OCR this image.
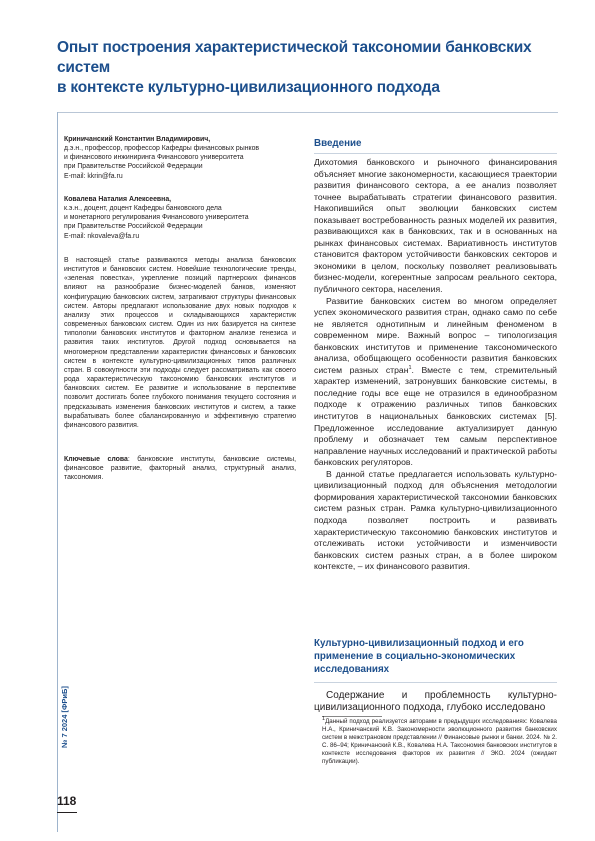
Опыт построения характеристической таксономии банковских систем
в контексте культурно-цивилизационного подхода

Криничанский Константин Владимирович,

д.э.н., профессор, профессор Кафедры финансовых рынков

и финансового инжиниринга Финансового университета

при Правительстве Российской Федерации

E-mail: kkrin@fa.ru

Ковалева Наталия Алексеевна,

к.э.н., доцент, доцент Кафедры банковского дела

и монетарного регулирования Финансового университета

при Правительстве Российской Федерации

E-mail: nkovaleva@fa.ru

В настоящей статье развиваются методы анализа банковских институтов и банковских систем. Новейшие технологические тренды, «зеленая повестка», укрепление позиций партнерских финансов влияют на разнообразие бизнес-моделей банков, изменяют конфигурацию банковских систем, затрагивают структуры финансовых систем. Авторы предлагают использование двух новых подходов к анализу этих процессов и складывающихся характеристик современных банковских систем. Один из них базируется на синтезе типологии банковских институтов и факторном анализе генезиса и развития таких институтов. Другой подход основывается на многомерном представлении характеристик финансовых и банковских систем в контексте культурно-цивилизационных типов различных стран. В совокупности эти подходы следует рассматривать как своего рода характеристическую таксономию банковских институтов и банковских систем. Ее развитие и использование в перспективе позволит достигать более глубокого понимания текущего состояния и предсказывать изменения банковских институтов и систем, а также вырабатывать более сбалансированную и эффективную стратегию финансового развития.

Ключевые слова: банковские институты, банковские системы, финансовое развитие, факторный анализ, структурный анализ, таксономия.

Введение

Дихотомия банковского и рыночного финансирования объясняет многие закономерности, касающиеся траектории развития финансового сектора, а ее анализ позволяет точнее вырабатывать стратегии финансового развития. Накопившийся опыт эволюции банковских систем показывает востребованность разных моделей их развития, развивающихся как в банковских, так и в основанных на рынках финансовых системах. Вариативность институтов становится фактором устойчивости банковских секторов и экономики в целом, поскольку позволяет реализовывать бизнес-модели, когерентные запросам реального сектора, публичного сектора, населения.

Развитие банковских систем во многом определяет успех экономического развития стран, однако само по себе не является однотипным и линейным феноменом в современном мире. Важный вопрос – типологизация банковских институтов и применение таксономического анализа, обобщающего особенности развития банковских систем разных стран$^1$. Вместе с тем, стремительный характер изменений, затронувших банковские системы, в последние годы все еще не отразился в единообразном подходе к отражению различных типов банковских институтов в национальных банковских системах [5]. Предложенное исследование актуализирует данную проблему и обозначает тем самым перспективное направление научных исследований и практической работы банковских регуляторов.

В данной статье предлагается использовать культурно-цивилизационный подход для объяснения методологии формирования характеристической таксономии банковских систем разных стран. Рамка культурно-цивилизационного подхода позволяет построить и развивать характеристическую таксономию банковских институтов и отслеживать истоки устойчивости и изменчивости банковских систем разных стран, а в более широком контексте, – их финансового развития.

Культурно-цивилизационный подход и его
применение в социально-экономических
исследованиях

Содержание и проблемность культурно-цивилизационного подхода, глубоко исследовано

$^1$Данный подход реализуется авторами в предыдущих исследованиях: Ковалева Н.А., Криничанский К.В. Закономерности эволюционного развития банковских систем в межстрановом представлении // Финансовые рынки и банки. 2024. № 2. С. 86–94; Криничанский К.В., Ковалева Н.А. Таксономия банковских институтов в контексте исследования факторов их развития // ЭКО. 2024 (ожидает публикации).

№ 7 2024 [ФРиБ]
118
